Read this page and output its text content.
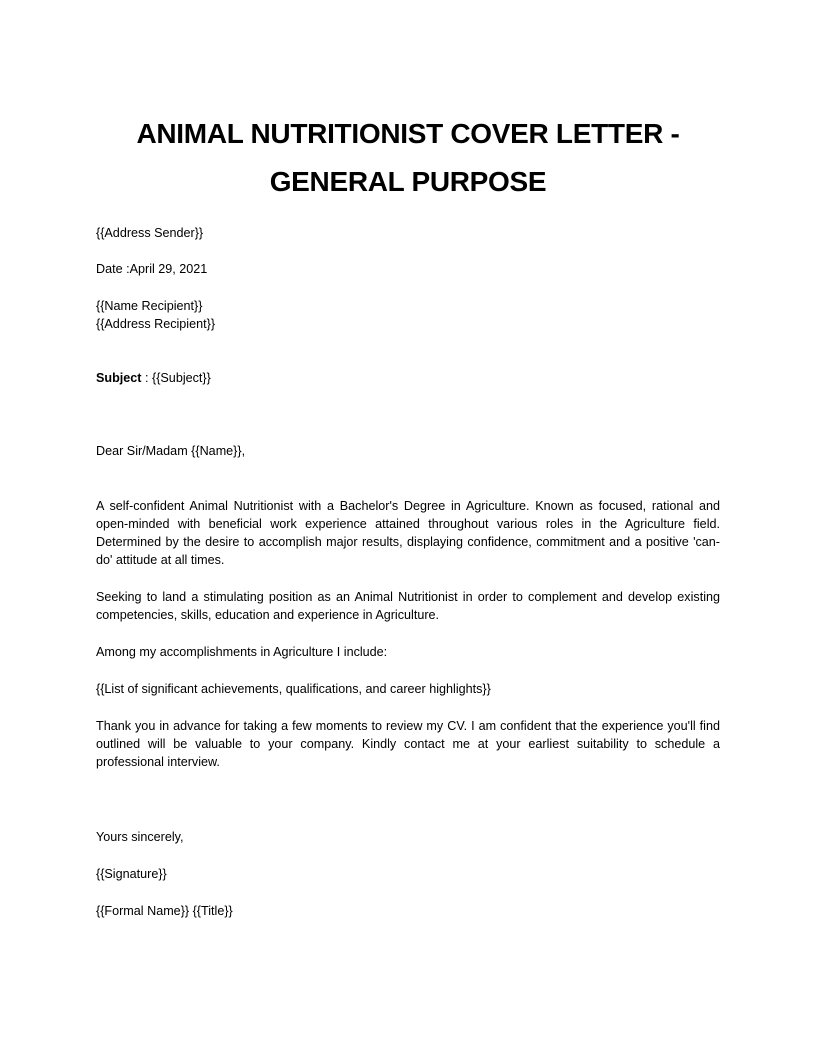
ANIMAL NUTRITIONIST COVER LETTER -
GENERAL PURPOSE
{{Address Sender}}
Date :April 29, 2021
{{Name Recipient}}
{{Address Recipient}}
Subject : {{Subject}}
Dear Sir/Madam {{Name}},
A self-confident Animal Nutritionist with a Bachelor's Degree in Agriculture. Known as focused, rational and open-minded with beneficial work experience attained throughout various roles in the Agriculture field. Determined by the desire to accomplish major results, displaying confidence, commitment and a positive 'can-do' attitude at all times.
Seeking to land a stimulating position as an Animal Nutritionist in order to complement and develop existing competencies, skills, education and experience in Agriculture.
Among my accomplishments in Agriculture I include:
{{List of significant achievements, qualifications, and career highlights}}
Thank you in advance for taking a few moments to review my CV. I am confident that the experience you'll find outlined will be valuable to your company. Kindly contact me at your earliest suitability to schedule a professional interview.
Yours sincerely,
{{Signature}}
{{Formal Name}} {{Title}}
